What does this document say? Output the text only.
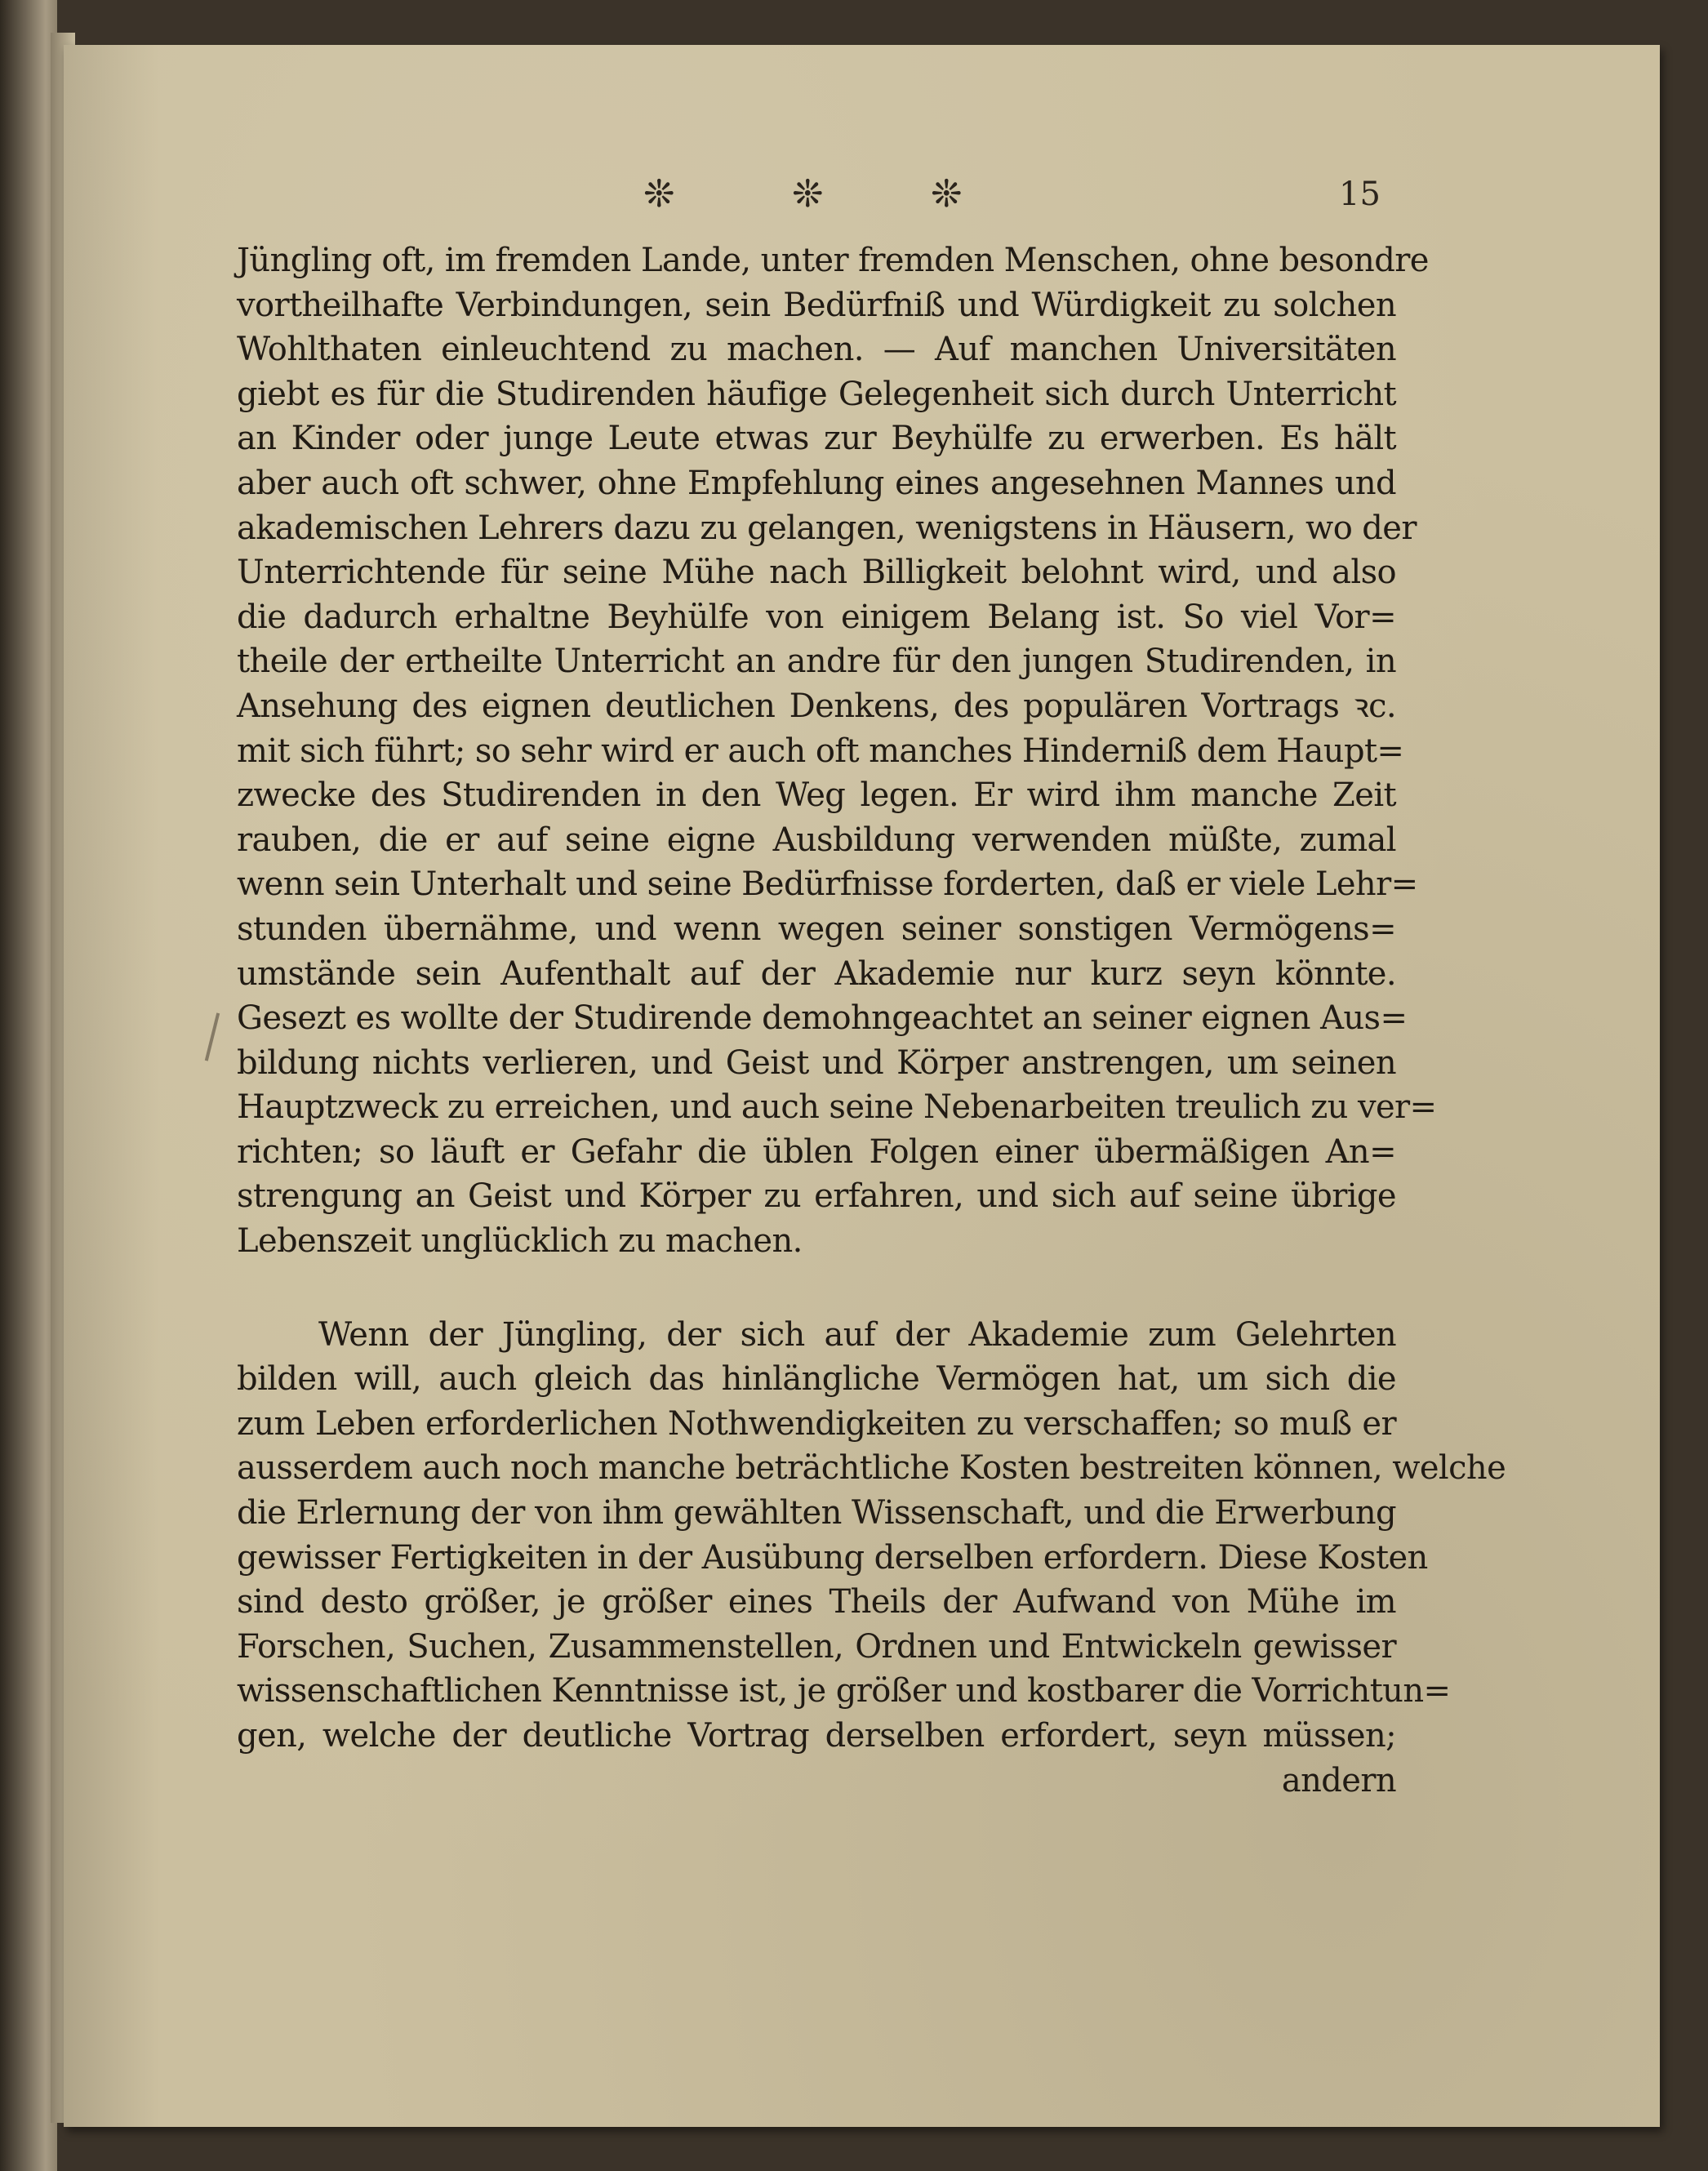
❊	❊	❊	15
Jüngling oft, im fremden Lande, unter fremden Menschen, ohne besondre
vortheilhafte Verbindungen, sein Bedürfniß und Würdigkeit zu solchen
Wohlthaten einleuchtend zu machen. — Auf manchen Universitäten
giebt es für die Studirenden häufige Gelegenheit sich durch Unterricht
an Kinder oder junge Leute etwas zur Beyhülfe zu erwerben. Es hält
aber auch oft schwer, ohne Empfehlung eines angesehnen Mannes und
akademischen Lehrers dazu zu gelangen, wenigstens in Häusern, wo der
Unterrichtende für seine Mühe nach Billigkeit belohnt wird, und also
die dadurch erhaltne Beyhülfe von einigem Belang ist. So viel Vor=
theile der ertheilte Unterricht an andre für den jungen Studirenden, in
Ansehung des eignen deutlichen Denkens, des populären Vortrags ꝛc.
mit sich führt; so sehr wird er auch oft manches Hinderniß dem Haupt=
zwecke des Studirenden in den Weg legen. Er wird ihm manche Zeit
rauben, die er auf seine eigne Ausbildung verwenden müßte, zumal
wenn sein Unterhalt und seine Bedürfnisse forderten, daß er viele Lehr=
stunden übernähme, und wenn wegen seiner sonstigen Vermögens=
umstände sein Aufenthalt auf der Akademie nur kurz seyn könnte.
Gesezt es wollte der Studirende demohngeachtet an seiner eignen Aus=
bildung nichts verlieren, und Geist und Körper anstrengen, um seinen
Hauptzweck zu erreichen, und auch seine Nebenarbeiten treulich zu ver=
richten; so läuft er Gefahr die üblen Folgen einer übermäßigen An=
strengung an Geist und Körper zu erfahren, und sich auf seine übrige
Lebenszeit unglücklich zu machen.
Wenn der Jüngling, der sich auf der Akademie zum Gelehrten
bilden will, auch gleich das hinlängliche Vermögen hat, um sich die
zum Leben erforderlichen Nothwendigkeiten zu verschaffen; so muß er
ausserdem auch noch manche beträchtliche Kosten bestreiten können, welche
die Erlernung der von ihm gewählten Wissenschaft, und die Erwerbung
gewisser Fertigkeiten in der Ausübung derselben erfordern. Diese Kosten
sind desto größer, je größer eines Theils der Aufwand von Mühe im
Forschen, Suchen, Zusammenstellen, Ordnen und Entwickeln gewisser
wissenschaftlichen Kenntnisse ist, je größer und kostbarer die Vorrichtun=
gen, welche der deutliche Vortrag derselben erfordert, seyn müssen;
andern
